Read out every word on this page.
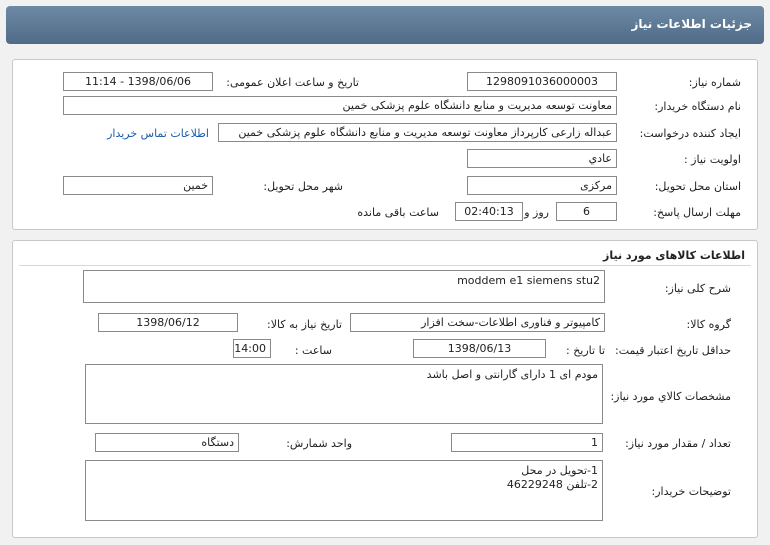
جزئیات اطلاعات نیاز
شماره نیاز:
1298091036000003
تاریخ و ساعت اعلان عمومی:
1398/06/06 - 11:14
نام دستگاه خریدار:
معاونت توسعه مدیریت و منابع دانشگاه علوم پزشکی خمین
ایجاد کننده درخواست:
عبداله زارعی کارپرداز معاونت توسعه مدیریت و منابع دانشگاه علوم پزشکی خمین
اطلاعات تماس خریدار
اولویت نیاز :
عادي
استان محل تحویل:
مرکزی
شهر محل تحویل:
خمین
مهلت ارسال پاسخ:
6
روز و
02:40:13
ساعت باقی مانده
اطلاعات کالاهای مورد نیاز
شرح کلی نیاز:
moddem e1 siemens stu2
گروه کالا:
کامپیوتر و فناوری اطلاعات-سخت افزار
تاریخ نیاز به کالا:
1398/06/12
حداقل تاریخ اعتبار قیمت:
تا تاریخ :
1398/06/13
ساعت :
14:00
مشخصات کالاي مورد نیاز:
مودم ای 1 دارای گارانتی و اصل باشد
تعداد / مقدار مورد نیاز:
1
واحد شمارش:
دستگاه
توضیحات خریدار:
1-تحویل در محل
2-تلفن 46229248
